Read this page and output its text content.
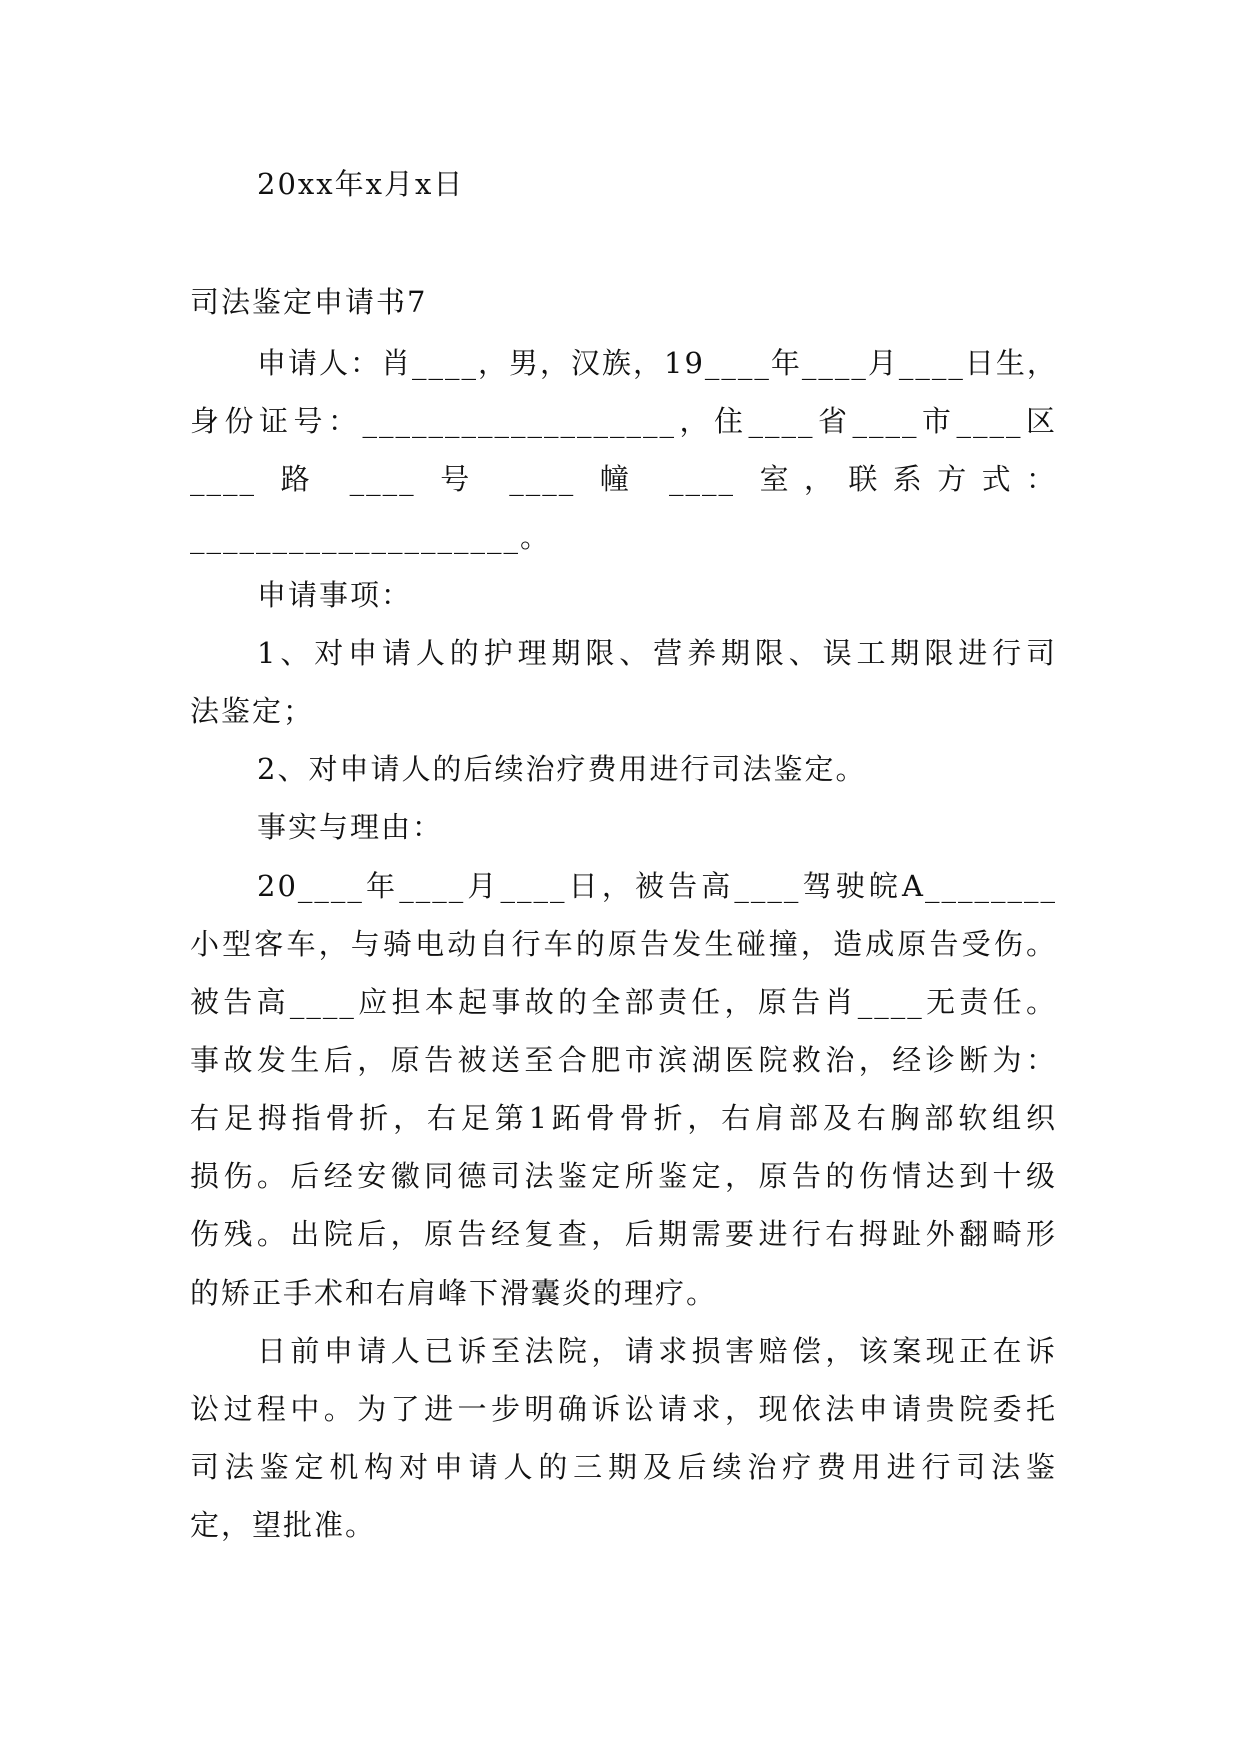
20xx年x月x日
司法鉴定申请书7
申请人：肖____，男，汉族，19____年____月____日生，
身份证号：___________________，住____省____市____区
____ 路 ____ 号 ____ 幢 ____ 室，联系方式：
____________________。
申请事项：
1、对申请人的护理期限、营养期限、误工期限进行司
法鉴定；
2、对申请人的后续治疗费用进行司法鉴定。
事实与理由：
20____年____月____日，被告高____驾驶皖A________
小型客车，与骑电动自行车的原告发生碰撞，造成原告受伤。
被告高____应担本起事故的全部责任，原告肖____无责任。
事故发生后，原告被送至合肥市滨湖医院救治，经诊断为：
右足拇指骨折，右足第1跖骨骨折，右肩部及右胸部软组织
损伤。后经安徽同德司法鉴定所鉴定，原告的伤情达到十级
伤残。出院后，原告经复查，后期需要进行右拇趾外翻畸形
的矫正手术和右肩峰下滑囊炎的理疗。
日前申请人已诉至法院，请求损害赔偿，该案现正在诉
讼过程中。为了进一步明确诉讼请求，现依法申请贵院委托
司法鉴定机构对申请人的三期及后续治疗费用进行司法鉴
定，望批准。
